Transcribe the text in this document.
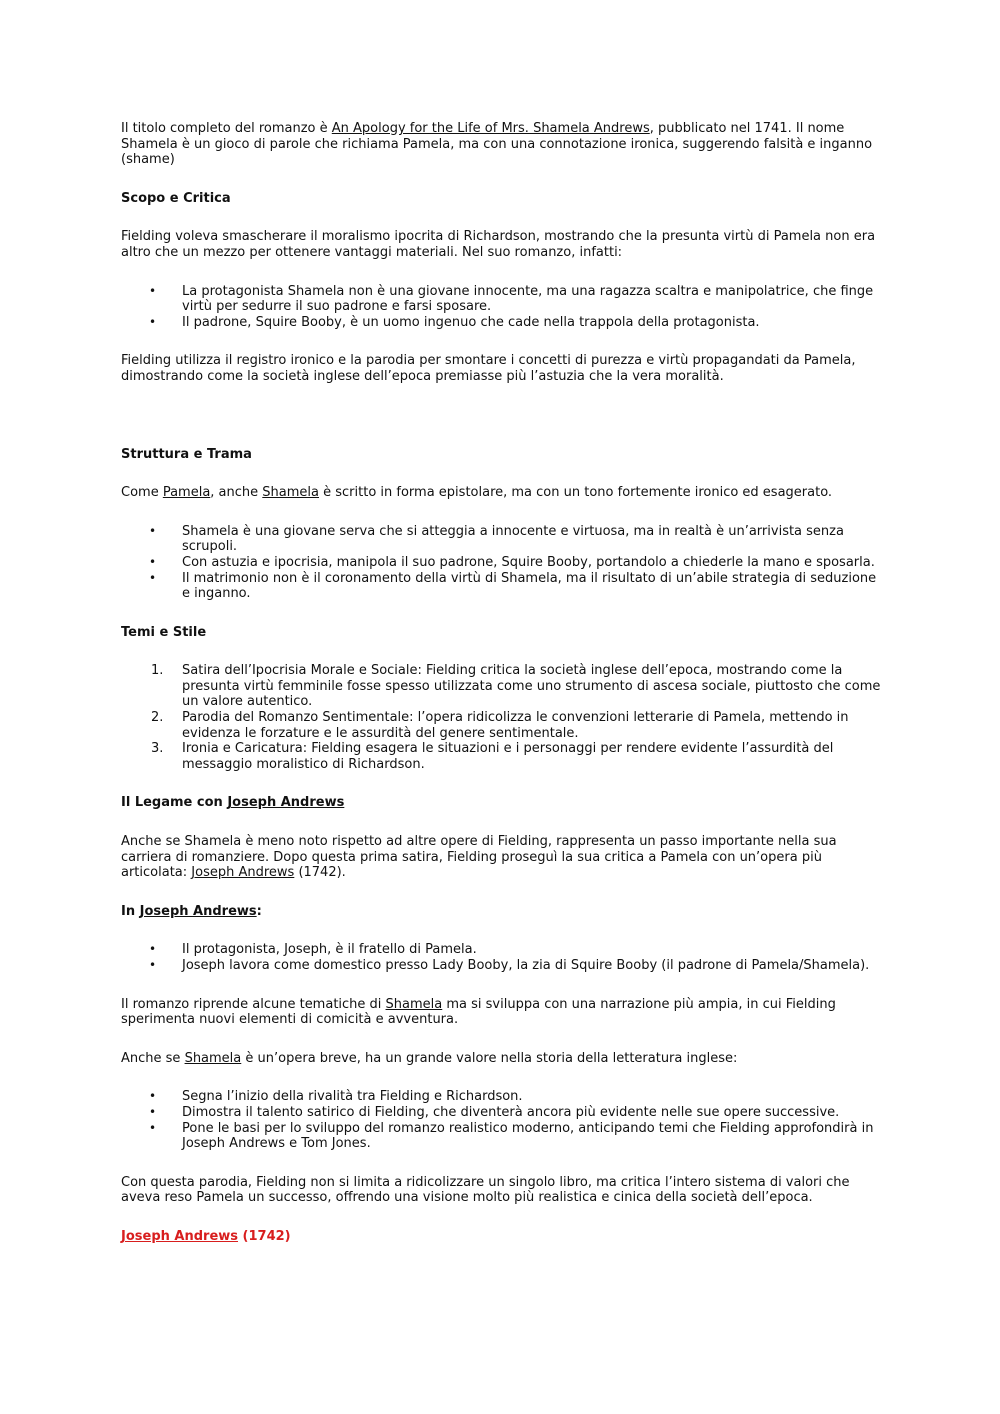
Il titolo completo del romanzo è An Apology for the Life of Mrs. Shamela Andrews, pubblicato nel 1741. Il nome Shamela è un gioco di parole che richiama Pamela, ma con una connotazione ironica, suggerendo falsità e inganno (shame)

Scopo e Critica

Fielding voleva smascherare il moralismo ipocrita di Richardson, mostrando che la presunta virtù di Pamela non era altro che un mezzo per ottenere vantaggi materiali. Nel suo romanzo, infatti:

• La protagonista Shamela non è una giovane innocente, ma una ragazza scaltra e manipolatrice, che finge virtù per sedurre il suo padrone e farsi sposare.
• Il padrone, Squire Booby, è un uomo ingenuo che cade nella trappola della protagonista.

Fielding utilizza il registro ironico e la parodia per smontare i concetti di purezza e virtù propagandati da Pamela, dimostrando come la società inglese dell’epoca premiasse più l’astuzia che la vera moralità.

Struttura e Trama

Come Pamela, anche Shamela è scritto in forma epistolare, ma con un tono fortemente ironico ed esagerato.

• Shamela è una giovane serva che si atteggia a innocente e virtuosa, ma in realtà è un’arrivista senza scrupoli.
• Con astuzia e ipocrisia, manipola il suo padrone, Squire Booby, portandolo a chiederle la mano e sposarla.
• Il matrimonio non è il coronamento della virtù di Shamela, ma il risultato di un’abile strategia di seduzione e inganno.
Temi e Stile
1. Satira dell’Ipocrisia Morale e Sociale: Fielding critica la società inglese dell’epoca, mostrando come la presunta virtù femminile fosse spesso utilizzata come uno strumento di ascesa sociale, piuttosto che come un valore autentico.
2. Parodia del Romanzo Sentimentale: l’opera ridicolizza le convenzioni letterarie di Pamela, mettendo in evidenza le forzature e le assurdità del genere sentimentale.
3. Ironia e Caricatura: Fielding esagera le situazioni e i personaggi per rendere evidente l’assurdità del messaggio moralistico di Richardson.
Il Legame con Joseph Andrews

Anche se Shamela è meno noto rispetto ad altre opere di Fielding, rappresenta un passo importante nella sua carriera di romanziere. Dopo questa prima satira, Fielding proseguì la sua critica a Pamela con un’opera più articolata: Joseph Andrews (1742).

In Joseph Andrews:
• Il protagonista, Joseph, è il fratello di Pamela.
• Joseph lavora come domestico presso Lady Booby, la zia di Squire Booby (il padrone di Pamela/Shamela).

Il romanzo riprende alcune tematiche di Shamela ma si sviluppa con una narrazione più ampia, in cui Fielding sperimenta nuovi elementi di comicità e avventura.

Anche se Shamela è un’opera breve, ha un grande valore nella storia della letteratura inglese:

• Segna l’inizio della rivalità tra Fielding e Richardson.
• Dimostra il talento satirico di Fielding, che diventerà ancora più evidente nelle sue opere successive.
• Pone le basi per lo sviluppo del romanzo realistico moderno, anticipando temi che Fielding approfondirà in Joseph Andrews e Tom Jones.

Con questa parodia, Fielding non si limita a ridicolizzare un singolo libro, ma critica l’intero sistema di valori che aveva reso Pamela un successo, offrendo una visione molto più realistica e cinica della società dell’epoca.

Joseph Andrews (1742)
